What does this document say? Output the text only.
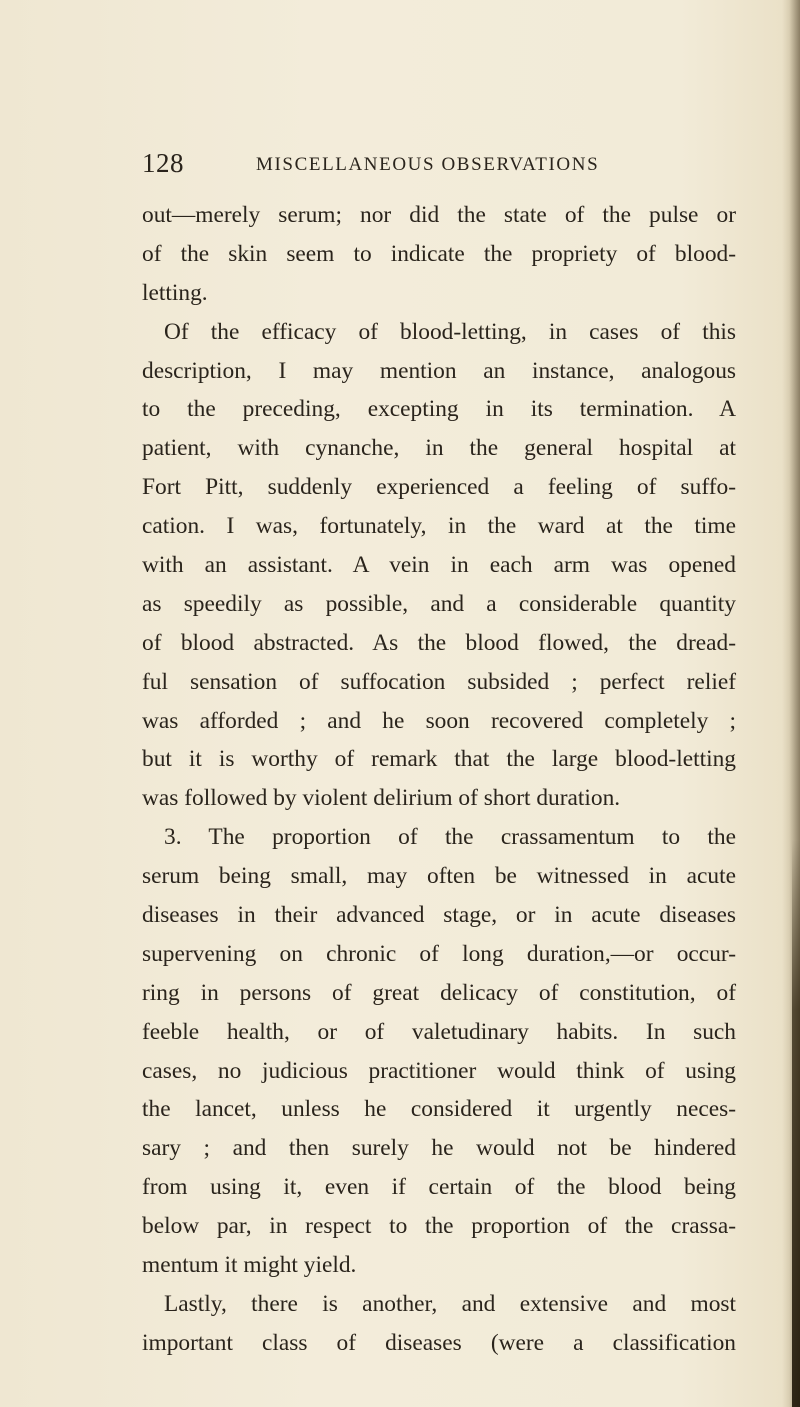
128	MISCELLANEOUS OBSERVATIONS
out—merely serum; nor did the state of the pulse or
of the skin seem to indicate the propriety of blood-
letting.
Of the efficacy of blood-letting, in cases of this
description, I may mention an instance, analogous
to the preceding, excepting in its termination. A
patient, with cynanche, in the general hospital at
Fort Pitt, suddenly experienced a feeling of suffo-
cation. I was, fortunately, in the ward at the time
with an assistant. A vein in each arm was opened
as speedily as possible, and a considerable quantity
of blood abstracted. As the blood flowed, the dread-
ful sensation of suffocation subsided ; perfect relief
was afforded ; and he soon recovered completely ;
but it is worthy of remark that the large blood-letting
was followed by violent delirium of short duration.
3. The proportion of the crassamentum to the
serum being small, may often be witnessed in acute
diseases in their advanced stage, or in acute diseases
supervening on chronic of long duration,—or occur-
ring in persons of great delicacy of constitution, of
feeble health, or of valetudinary habits. In such
cases, no judicious practitioner would think of using
the lancet, unless he considered it urgently neces-
sary ; and then surely he would not be hindered
from using it, even if certain of the blood being
below par, in respect to the proportion of the crassa-
mentum it might yield.
Lastly, there is another, and extensive and most
important class of diseases (were a classification
